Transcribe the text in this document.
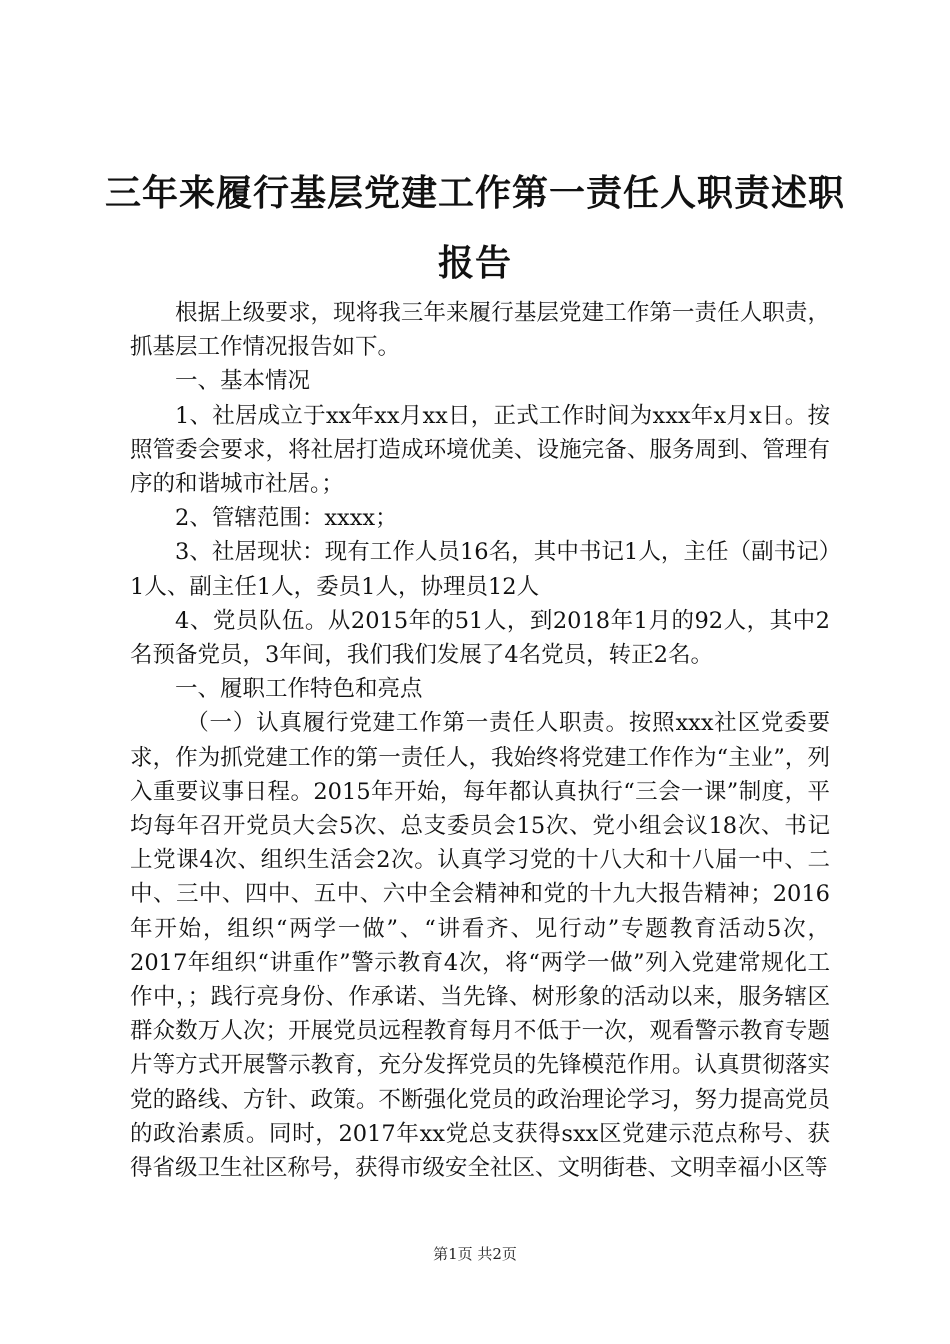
三年来履行基层党建工作第一责任人职责述职报告

根据上级要求，现将我三年来履行基层党建工作第一责任人职责，抓基层工作情况报告如下。

一、基本情况

1、社居成立于xx年xx月xx日，正式工作时间为xxx年x月x日。按照管委会要求，将社居打造成环境优美、设施完备、服务周到、管理有序的和谐城市社居。；

2、管辖范围：xxxx；

3、社居现状：现有工作人员16名，其中书记1人，主任（副书记）1人、副主任1人，委员1人，协理员12人

4、党员队伍。从2015年的51人，到2018年1月的92人，其中2名预备党员，3年间，我们我们发展了4名党员，转正2名。

一、履职工作特色和亮点

（一）认真履行党建工作第一责任人职责。按照xxx社区党委要求，作为抓党建工作的第一责任人，我始终将党建工作作为“主业”，列入重要议事日程。2015年开始，每年都认真执行“三会一课”制度，平均每年召开党员大会5次、总支委员会15次、党小组会议18次、书记上党课4次、组织生活会2次。认真学习党的十八大和十八届一中、二中、三中、四中、五中、六中全会精神和党的十九大报告精神；2016年开始，组织“两学一做”、“讲看齐、见行动”专题教育活动5次，2017年组织“讲重作”警示教育4次，将“两学一做”列入党建常规化工作中，；践行亮身份、作承诺、当先锋、树形象的活动以来，服务辖区群众数万人次；开展党员远程教育每月不低于一次，观看警示教育专题片等方式开展警示教育，充分发挥党员的先锋模范作用。认真贯彻落实党的路线、方针、政策。不断强化党员的政治理论学习，努力提高党员的政治素质。同时，2017年xx党总支获得sxx区党建示范点称号、获得省级卫生社区称号，获得市级安全社区、文明街巷、文明幸福小区等

第1页 共2页
